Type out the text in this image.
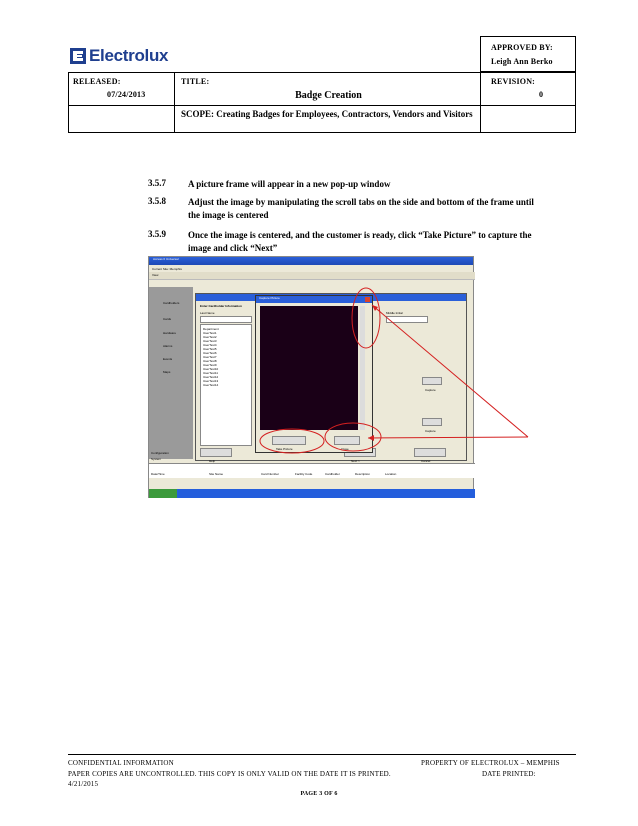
Electrolux	APPROVED BY:
Leigh Ann Berko
RELEASED:
07/24/2013
TITLE:
Badge Creation
REVISION:
0
SCOPE: Creating Badges for Employees, Contractors, Vendors and Visitors
3.5.7 A picture frame will appear in a new pop-up window
3.5.8 Adjust the image by manipulating the scroll tabs on the side and bottom of the frame until the image is centered
3.5.9 Once the image is centered, and the customer is ready, click “Take Picture” to capture the image and click “Next”
Access II Universal
Current Site: Memphis
View
Cardholders
Cards
Hardware
Alarms
Events
Maps
Configuration
System
Enter Cardholder Information
Last Name	Middle Initial
Department
UserText1
UserText2
UserText3
UserText4
UserText5
UserText6
UserText7
UserText8
UserText9
UserText10
UserText11
UserText12
UserText13
UserText14
Capture
Capture
Help	Next >	Cancel
Capture Picture
Take Picture	Close
Date/Time	Site Name	Card Number	Facility Code	Cardholder	Description	Location
start
CONFIDENTIAL INFORMATION	PROPERTY OF ELECTROLUX – MEMPHIS
PAPER COPIES ARE UNCONTROLLED. THIS COPY IS ONLY VALID ON THE DATE IT IS PRINTED.	DATE PRINTED:
4/21/2015
PAGE 3 OF 6
